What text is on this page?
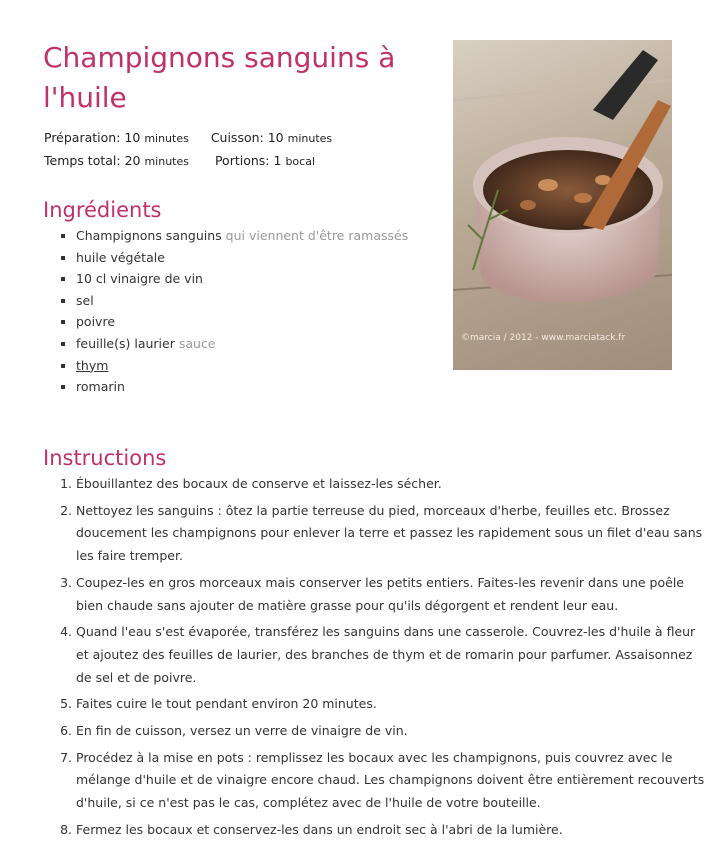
Champignons sanguins à l'huile
Préparation: 10 minutes Cuisson: 10 minutes
Temps total: 20 minutes Portions: 1 bocal
©marcia / 2012 - www.marciatack.fr
Ingrédients
▪ Champignons sanguins qui viennent d'être ramassés
▪ huile végétale
▪ 10 cl vinaigre de vin
▪ sel
▪ poivre
▪ feuille(s) laurier sauce
▪ thym
▪ romarin
Instructions
1. Ébouillantez des bocaux de conserve et laissez-les sécher.
2. Nettoyez les sanguins : ôtez la partie terreuse du pied, morceaux d'herbe, feuilles etc. Brossez doucement les champignons pour enlever la terre et passez les rapidement sous un filet d'eau sans les faire tremper.
3. Coupez-les en gros morceaux mais conserver les petits entiers. Faites-les revenir dans une poêle bien chaude sans ajouter de matière grasse pour qu'ils dégorgent et rendent leur eau.
4. Quand l'eau s'est évaporée, transférez les sanguins dans une casserole. Couvrez-les d'huile à fleur et ajoutez des feuilles de laurier, des branches de thym et de romarin pour parfumer. Assaisonnez de sel et de poivre.
5. Faites cuire le tout pendant environ 20 minutes.
6. En fin de cuisson, versez un verre de vinaigre de vin.
7. Procédez à la mise en pots : remplissez les bocaux avec les champignons, puis couvrez avec le mélange d'huile et de vinaigre encore chaud. Les champignons doivent être entièrement recouverts d'huile, si ce n'est pas le cas, complétez avec de l'huile de votre bouteille.
8. Fermez les bocaux et conservez-les dans un endroit sec à l'abri de la lumière.
